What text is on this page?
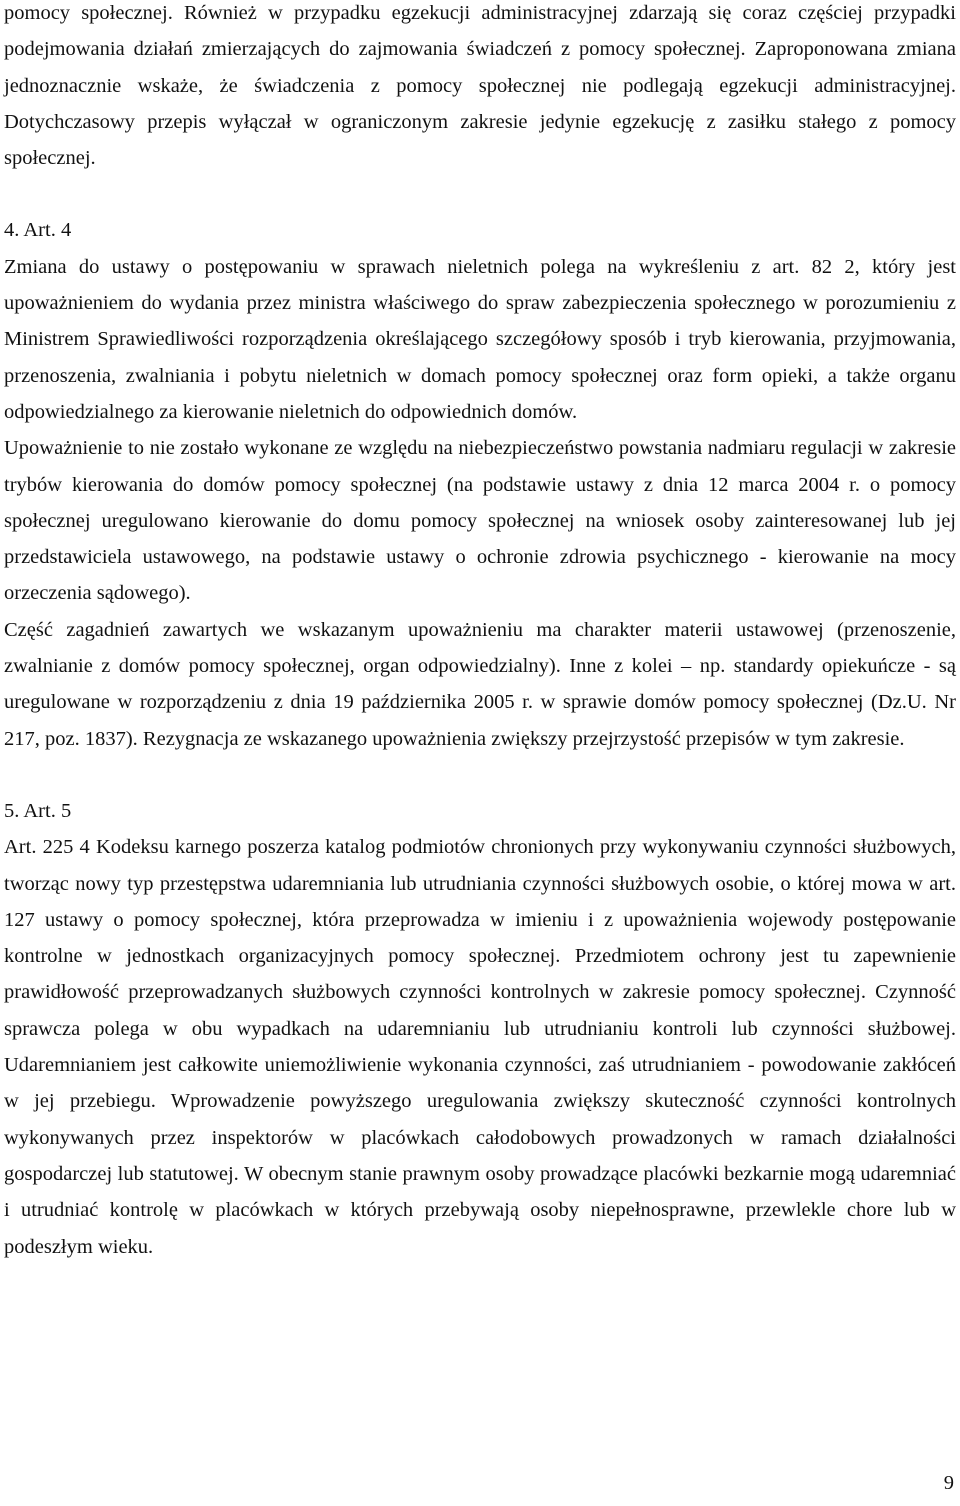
pomocy społecznej. Również w przypadku egzekucji administracyjnej zdarzają się coraz częściej przypadki podejmowania działań zmierzających do zajmowania świadczeń z pomocy społecznej. Zaproponowana zmiana jednoznacznie wskaże, że świadczenia z pomocy społecznej nie podlegają egzekucji administracyjnej. Dotychczasowy przepis wyłączał w ograniczonym zakresie jedynie egzekucję z zasiłku stałego z pomocy społecznej.

4. Art. 4

Zmiana do ustawy o postępowaniu w sprawach nieletnich polega na wykreśleniu z art. 82 2, który jest upoważnieniem do wydania przez ministra właściwego do spraw zabezpieczenia społecznego w porozumieniu z Ministrem Sprawiedliwości rozporządzenia określającego szczegółowy sposób i tryb kierowania, przyjmowania, przenoszenia, zwalniania i pobytu nieletnich w domach pomocy społecznej oraz form opieki, a także organu odpowiedzialnego za kierowanie nieletnich do odpowiednich domów.

Upoważnienie to nie zostało wykonane ze względu na niebezpieczeństwo powstania nadmiaru regulacji w zakresie trybów kierowania do domów pomocy społecznej (na podstawie ustawy z dnia 12 marca 2004 r. o pomocy społecznej uregulowano kierowanie do domu pomocy społecznej na wniosek osoby zainteresowanej lub jej przedstawiciela ustawowego, na podstawie ustawy o ochronie zdrowia psychicznego - kierowanie na mocy orzeczenia sądowego).

Część zagadnień zawartych we wskazanym upoważnieniu ma charakter materii ustawowej (przenoszenie, zwalnianie z domów pomocy społecznej, organ odpowiedzialny). Inne z kolei – np. standardy opiekuńcze - są uregulowane w rozporządzeniu z dnia 19 października 2005 r. w sprawie domów pomocy społecznej (Dz.U. Nr 217, poz. 1837). Rezygnacja ze wskazanego upoważnienia zwiększy przejrzystość przepisów w tym zakresie.

5. Art. 5

Art. 225 4 Kodeksu karnego poszerza katalog podmiotów chronionych przy wykonywaniu czynności służbowych, tworząc nowy typ przestępstwa udaremniania lub utrudniania czynności służbowych osobie, o której mowa w art. 127 ustawy o pomocy społecznej, która przeprowadza w imieniu i z upoważnienia wojewody postępowanie kontrolne w jednostkach organizacyjnych pomocy społecznej. Przedmiotem ochrony jest tu zapewnienie prawidłowość przeprowadzanych służbowych czynności kontrolnych w zakresie pomocy społecznej. Czynność sprawcza polega w obu wypadkach na udaremnianiu lub utrudnianiu kontroli lub czynności służbowej. Udaremnianiem jest całkowite uniemożliwienie wykonania czynności, zaś utrudnianiem - powodowanie zakłóceń w jej przebiegu. Wprowadzenie powyższego uregulowania zwiększy skuteczność czynności kontrolnych wykonywanych przez inspektorów w placówkach całodobowych prowadzonych w ramach działalności gospodarczej lub statutowej. W obecnym stanie prawnym osoby prowadzące placówki bezkarnie mogą udaremniać i utrudniać kontrolę w placówkach w których przebywają osoby niepełnosprawne, przewlekle chore lub w podeszłym wieku.

9
